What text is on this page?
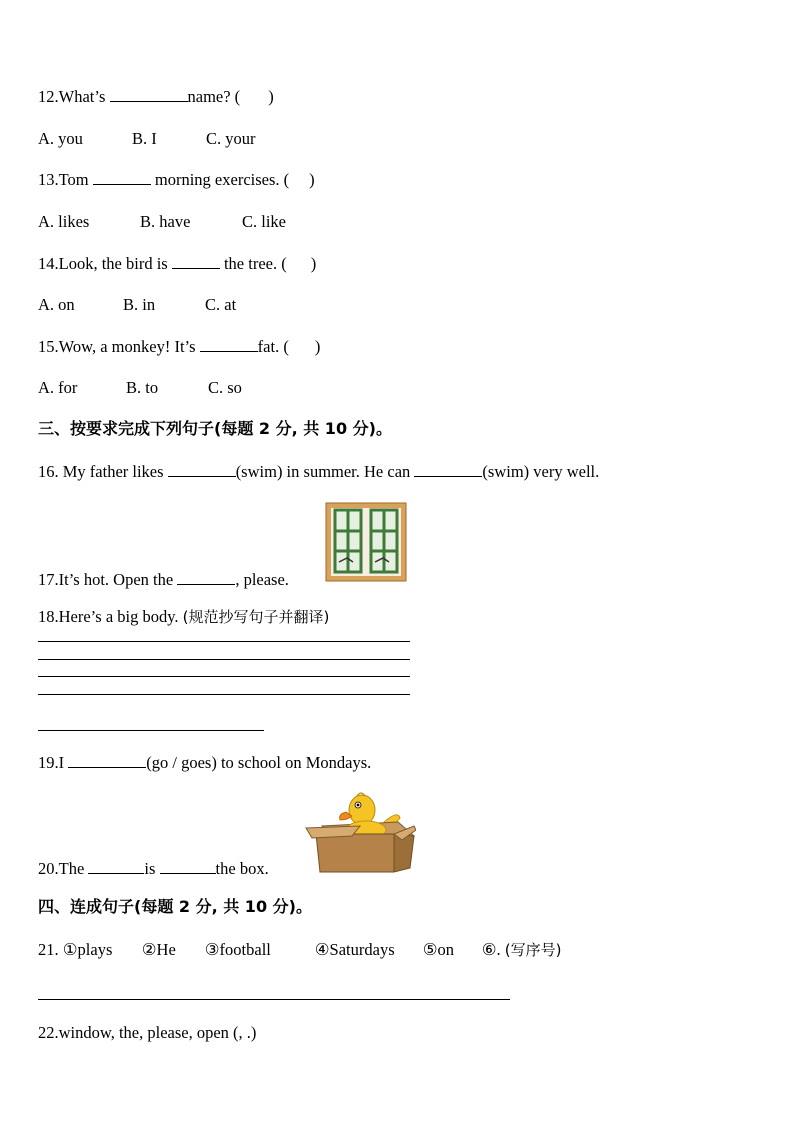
12.What’s	name? ( )
A. you	B. I	C. your
13.Tom	morning exercises. ( )
A. likes	B. have	C. like
14.Look, the bird is	the tree. ( )
A. on	B. in	C. at
15.Wow, a monkey! It’s	fat. ( )
A. for	B. to	C. so
三、按要求完成下列句子(每题 2 分, 共 10 分)。
16. My father likes	(swim) in summer. He can	(swim) very well.
17.It’s hot. Open the	, please.
18.Here’s a big body. (规范抄写句子并翻译)
19.I	(go / goes) to school on Mondays.
20.The	is	the box.
四、连成句子(每题 2 分, 共 10 分)。
21. ①plays ②He ③football	④Saturdays ⑤on ⑥. (写序号)
22.window, the, please, open (, .)
